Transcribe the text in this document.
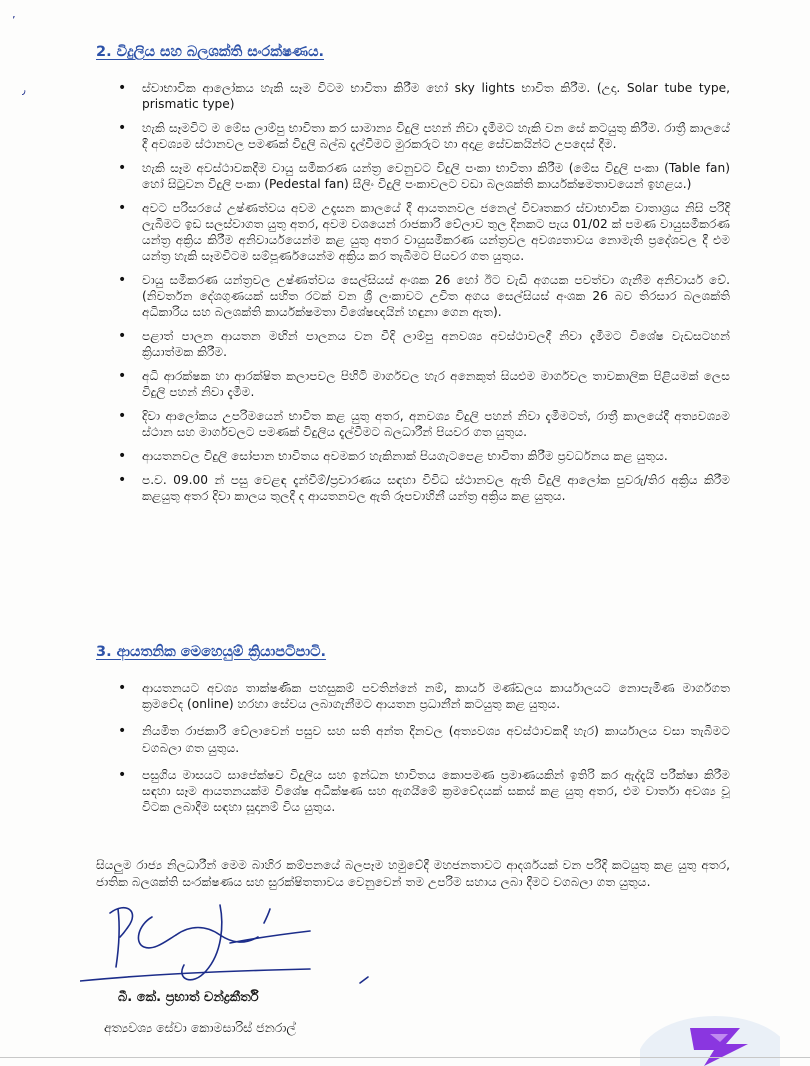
ʼ
٫
2. විදුලිය සහ බලශක්ති සංරක්ෂණය.
• ස්වාභාවික ආලෝකය හැකි සෑම විටම භාවිතා කිරීම හෝ sky lights භාවිත කිරීම. (උදා. Solar tube type, prismatic type)
• හැකි සෑමවිට ම මේස ලාම්පු භාවිතා කර සාමාන්‍ය විදුලි පහන් නිවා දැමීමට හැකි වන සේ කටයුතු කිරීම. රාත්‍රී කාලයේ දී අවශ්‍යම ස්ථානවල පමණක් විදුලි බල්බ දැල්වීමට මුරකරුට හා අදාළ සේවකයින්ට උපදෙස් දීම.
• හැකි සෑම අවස්ථාවකදීම වායු සමීකරණ යන්ත්‍ර වෙනුවට විදුලි පංකා භාවිතා කිරීම (මේස විදුලි පංකා (Table fan) හෝ සිටුවන විදුලි පංකා (Pedestal fan) සීලිං විදුලි පංකාවලට වඩා බලශක්ති කාර්යක්ෂමතාවයෙන් ඉහළය.)
• අවට පරිසරයේ උෂ්ණත්වය අවම උදෑසන කාලයේ දී ආයතනවල ජනෙල් විවෘතකර ස්වාභාවික වාතාශ්‍රය නිසි පරිදි ලැබීමට ඉඩ සලස්වාගත යුතු අතර, අවම වශයෙන් රාජකාරි වේලාව තුල දිනකට පැය 01/02 ක් පමණ වායුසමීකරණ යන්ත්‍ර අක්‍රිය කිරීම අනිවාර්යයෙන්ම කළ යුතු අතර වායුසමීකරණ යන්ත්‍රවල අවශ්‍යතාවය නොමැති ප්‍රදේශවල දී එම යන්ත්‍ර හැකි සෑමවිටම සම්පූර්ණයෙන්ම අක්‍රිය කර තැබීමට පියවර ගත යුතුය.
• වායු සමීකරණ යන්ත්‍රවල උෂ්ණත්වය සෙල්සියස් අංශක 26 හෝ ඊට වැඩි අගයක පවත්වා ගැනීම අනිවාර්ය වේ. (නිවර්තන දේශගුණයක් සහිත රටක් වන ශ්‍රී ලංකාවට උචිත අගය සෙල්සියස් අංශක 26 බව තිරසාර බලශක්ති අධිකාරිය සහ බලශක්ති කාර්යක්ෂමතා විශේෂඥයින් හඳුනා ගෙන ඇත).
• පළාත් පාලන ආයතන මඟින් පාලනය වන වීදි ලාම්පු අනවශ්‍ය අවස්ථාවලදී නිවා දැමීමට විශේෂ වැඩසටහන් ක්‍රියාත්මක කිරීම.
• අධි ආරක්ෂක හා ආරක්ෂිත කලාපවල පිහිටි මාර්ගවල හැර අනෙකුත් සියළුම මාර්ගවල තාවකාලික පිළියමක් ලෙස විදුලි පහන් නිවා දැමීම.
• දිවා ආලෝකය උපරිමයෙන් භාවිත කළ යුතු අතර, අනවශ්‍ය විදුලි පහන් නිවා දැමීමටත්, රාත්‍රී කාලයේදී අත්‍යවශ්‍යම ස්ථාන සහ මාර්ගවලට පමණක් විදුලිය දැල්වීමට බලධාරීන් පියවර ගත යුතුය.
• ආයතනවල විදුලි සෝපාන භාවිතය අවමකර හැකිනාක් පියගැටපෙළ භාවිතා කිරීම ප්‍රවර්ධනය කළ යුතුය.
• ප.ව. 09.00 න් පසු වෙළඳ දැන්වීම්/ප්‍රචාරණය සඳහා විවිධ ස්ථානවල ඇති විදුලි ආලෝක පුවරු/තිර අක්‍රිය කිරීම කළයුතු අතර දිවා කාලය තුලදී ද ආයතනවල ඇති රූපවාහිනී යන්ත්‍ර අක්‍රිය කළ යුතුය.
3. ආයතනික මෙහෙයුම් ක්‍රියාපටිපාටි.
• ආයතනයට අවශ්‍ය තාක්ෂණික පහසුකම් පවතින්නේ නම්, කාර්ය මණ්ඩලය කාර්යාලයට නොපැමිණ මාර්ගගත ක්‍රමවේද (online) හරහා සේවය ලබාගැනීමට ආයතන ප්‍රධානීන් කටයුතු කළ යුතුය.
• නියමිත රාජකාරි වේලාවෙන් පසුව සහ සති අන්ත දිනවල (අත්‍යවශ්‍ය අවස්ථාවකදී හැර) කාර්යාලය වසා තැබීමට වගබලා ගත යුතුය.
• පසුගිය මාසයට සාපේක්ෂව විදුලිය සහ ඉන්ධන භාවිතය කොපමණ ප්‍රමාණයකින් ඉතිරි කර ඇද්දැයි පරීක්ෂා කිරීම සඳහා සෑම ආයතනයක්ම විශේෂ අධීක්ෂණ සහ ඇගයීමේ ක්‍රමවේදයක් සකස් කළ යුතු අතර, එම වාර්තා අවශ්‍ය වූ විටක ලබාදීම සඳහා සූදානම් විය යුතුය.

සියලුම රාජ්‍ය නිලධාරීන් මෙම බාහිර කම්පනයේ බලපෑම හමුවේදී මහජනතාවට ආදර්ශයක් වන පරිදි කටයුතු කළ යුතු අතර, ජාතික බලශක්ති සංරක්ෂණය සහ සුරක්ෂිතතාවය වෙනුවෙන් තම උපරිම සහාය ලබා දීමට වගබලා ගත යුතුය.

බී. කේ. ප්‍රභාත් චන්ද්‍රකීර්ති
අත්‍යවශ්‍ය සේවා කොමසාරිස් ජනරාල්
